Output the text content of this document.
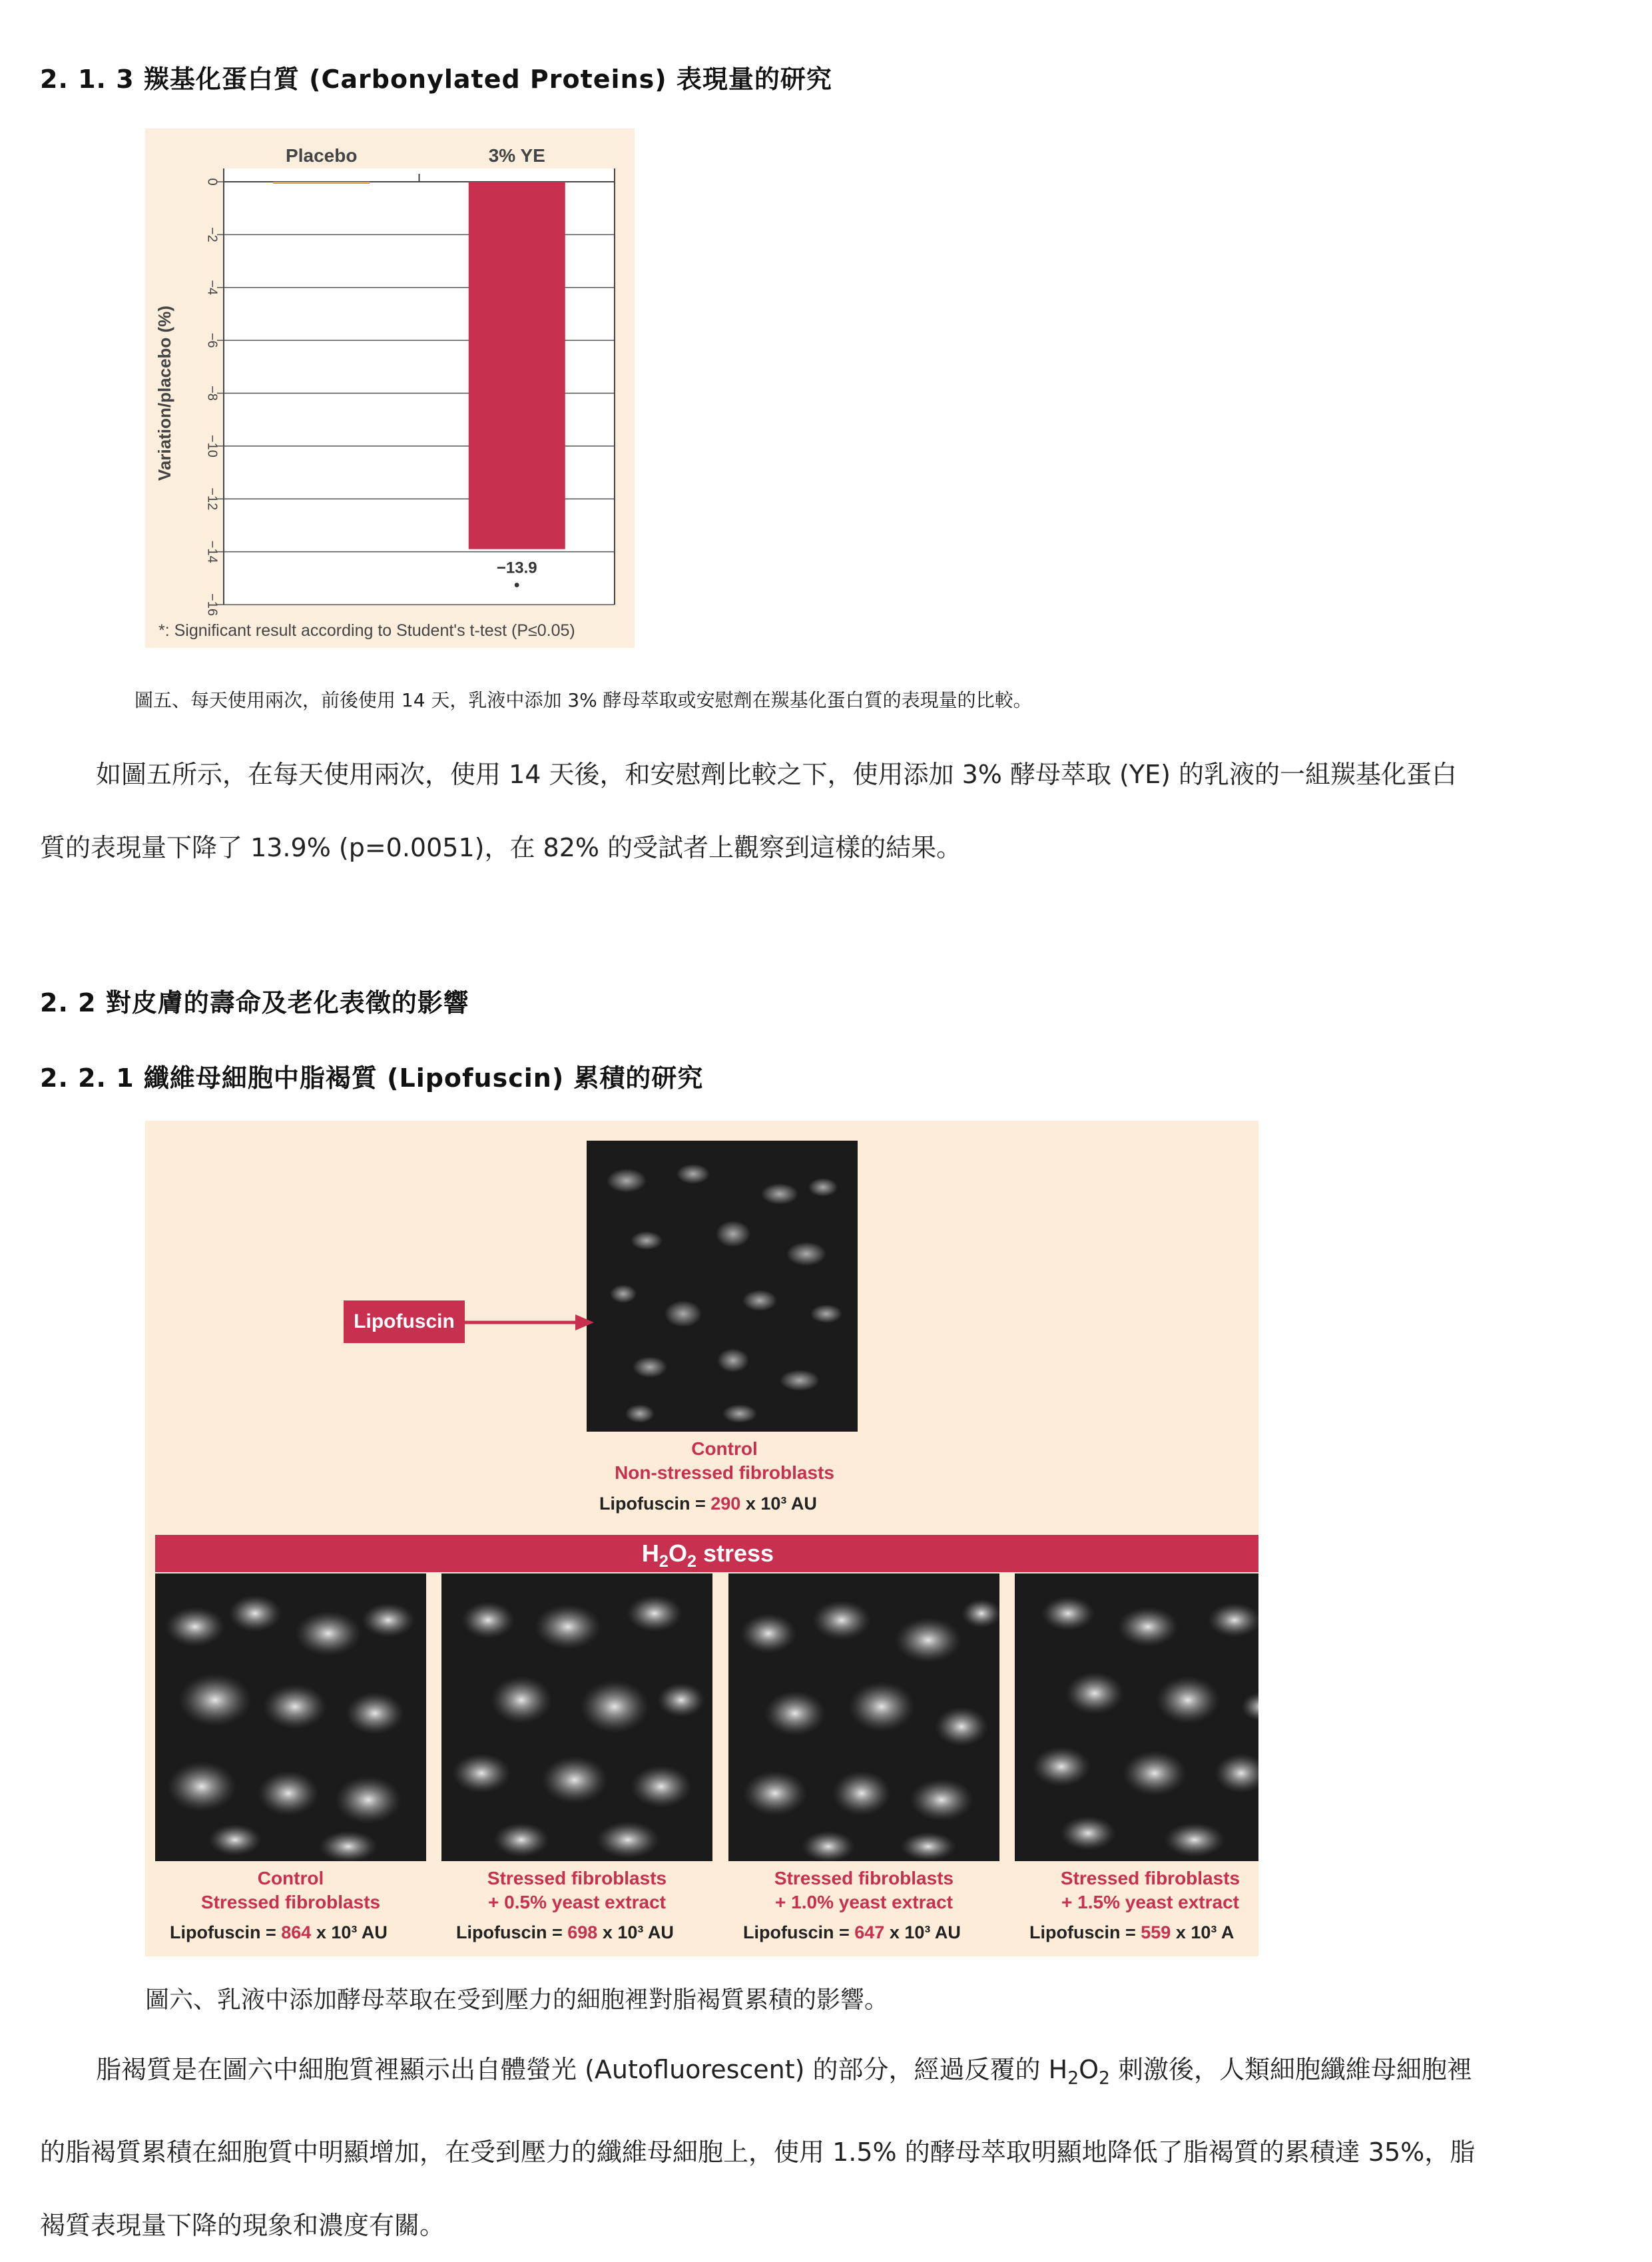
2. 1. 3 羰基化蛋白質 (Carbonylated Proteins) 表現量的研究
0
−2
−4
−6
−8
−10
−12
−14
−16
Variation/placebo (%)
Placebo	3% YE
−13.9
•
*: Significant result according to Student's t-test (P≤0.05)
圖五、每天使用兩次，前後使用 14 天，乳液中添加 3% 酵母萃取或安慰劑在羰基化蛋白質的表現量的比較。

如圖五所示，在每天使用兩次，使用 14 天後，和安慰劑比較之下，使用添加 3% 酵母萃取 (YE) 的乳液的一組羰基化蛋白

質的表現量下降了 13.9% (p=0.0051)，在 82% 的受試者上觀察到這樣的結果。

2. 2 對皮膚的壽命及老化表徵的影響
2. 2. 1 纖維母細胞中脂褐質 (Lipofuscin) 累積的研究
Lipofuscin
Control
Non-stressed fibroblasts
Lipofuscin = 290 x 10³ AU
$H_2O_2$ stress
Control
Stressed fibroblasts
Lipofuscin = 864 x 10³ AU
Stressed fibroblasts
+ 0.5% yeast extract
Lipofuscin = 698 x 10³ AU
Stressed fibroblasts
+ 1.0% yeast extract
Lipofuscin = 647 x 10³ AU
Stressed fibroblasts
+ 1.5% yeast extract
Lipofuscin = 559 x 10³ A
圖六、乳液中添加酵母萃取在受到壓力的細胞裡對脂褐質累積的影響。

脂褐質是在圖六中細胞質裡顯示出自體螢光 (Autofluorescent) 的部分，經過反覆的 $H_2O_2$ 刺激後，人類細胞纖維母細胞裡

的脂褐質累積在細胞質中明顯增加，在受到壓力的纖維母細胞上，使用 1.5% 的酵母萃取明顯地降低了脂褐質的累積達 35%，脂

褐質表現量下降的現象和濃度有關。
